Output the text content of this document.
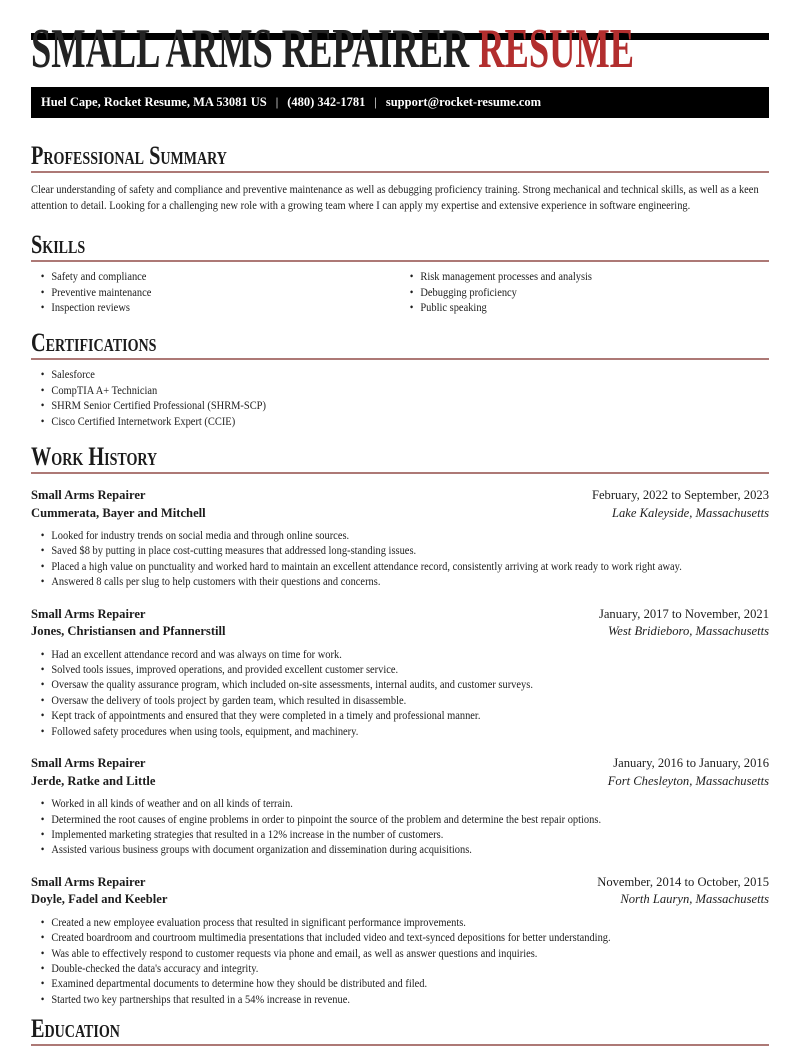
SMALL ARMS REPAIRER RESUME
Huel Cape, Rocket Resume, MA 53081 US | (480) 342-1781 | support@rocket-resume.com
Professional Summary

Clear understanding of safety and compliance and preventive maintenance as well as debugging proficiency training. Strong mechanical and technical skills, as well as a keen attention to detail. Looking for a challenging new role with a growing team where I can apply my expertise and extensive experience in software engineering.

Skills
• Safety and compliance
• Preventive maintenance
• Inspection reviews
• Risk management processes and analysis
• Debugging proficiency
• Public speaking
Certifications
• Salesforce
• CompTIA A+ Technician
• SHRM Senior Certified Professional (SHRM-SCP)
• Cisco Certified Internetwork Expert (CCIE)
Work History
Small Arms Repairer	February, 2022 to September, 2023
Cummerata, Bayer and Mitchell	Lake Kaleyside, Massachusetts
• Looked for industry trends on social media and through online sources.
• Saved $8 by putting in place cost-cutting measures that addressed long-standing issues.
• Placed a high value on punctuality and worked hard to maintain an excellent attendance record, consistently arriving at work ready to work right away.
• Answered 8 calls per slug to help customers with their questions and concerns.
Small Arms Repairer	January, 2017 to November, 2021
Jones, Christiansen and Pfannerstill	West Bridieboro, Massachusetts
• Had an excellent attendance record and was always on time for work.
• Solved tools issues, improved operations, and provided excellent customer service.
• Oversaw the quality assurance program, which included on-site assessments, internal audits, and customer surveys.
• Oversaw the delivery of tools project by garden team, which resulted in disassemble.
• Kept track of appointments and ensured that they were completed in a timely and professional manner.
• Followed safety procedures when using tools, equipment, and machinery.
Small Arms Repairer	January, 2016 to January, 2016
Jerde, Ratke and Little	Fort Chesleyton, Massachusetts
• Worked in all kinds of weather and on all kinds of terrain.
• Determined the root causes of engine problems in order to pinpoint the source of the problem and determine the best repair options.
• Implemented marketing strategies that resulted in a 12% increase in the number of customers.
• Assisted various business groups with document organization and dissemination during acquisitions.
Small Arms Repairer	November, 2014 to October, 2015
Doyle, Fadel and Keebler	North Lauryn, Massachusetts
• Created a new employee evaluation process that resulted in significant performance improvements.
• Created boardroom and courtroom multimedia presentations that included video and text-synced depositions for better understanding.
• Was able to effectively respond to customer requests via phone and email, as well as answer questions and inquiries.
• Double-checked the data's accuracy and integrity.
• Examined departmental documents to determine how they should be distributed and filed.
• Started two key partnerships that resulted in a 54% increase in revenue.
Education
